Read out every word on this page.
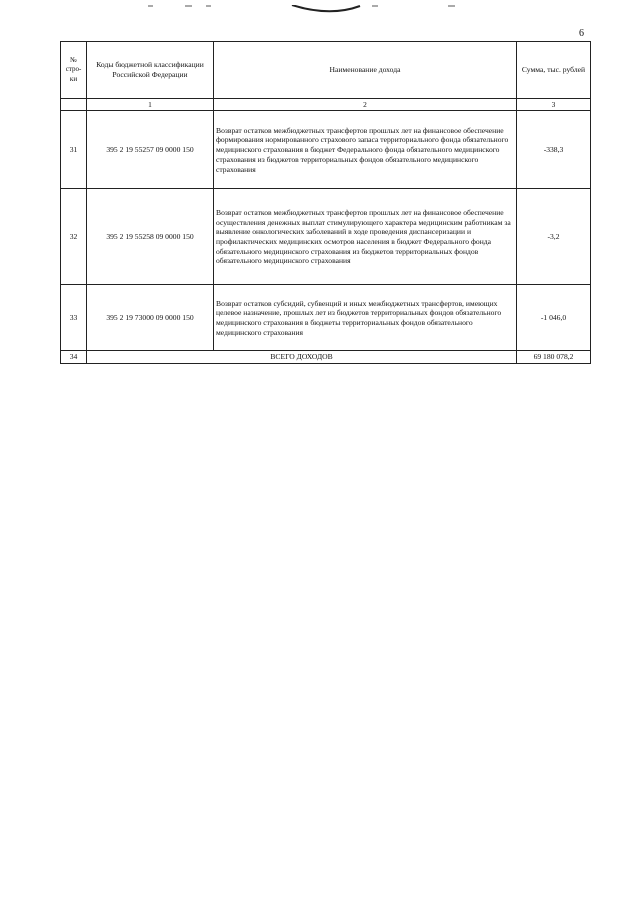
6
№ стро-ки	Коды бюджетной классификации Российской Федерации	Наименование дохода	Сумма, тыс. рублей
	1	2	3
31	395 2 19 55257 09 0000 150	Возврат остатков межбюджетных трансфертов прошлых лет на финансовое обеспечение формирования нормированного страхового запаса территориального фонда обязательного медицинского страхования в бюджет Федерального фонда обязательного медицинского страхования из бюджетов территориальных фондов обязательного медицинского страхования	-338,3
32	395 2 19 55258 09 0000 150	Возврат остатков межбюджетных трансфертов прошлых лет на финансовое обеспечение осуществления денежных выплат стимулирующего характера медицинским работникам за выявление онкологических заболеваний в ходе проведения диспансеризации и профилактических медицинских осмотров населения в бюджет Федерального фонда обязательного медицинского страхования из бюджетов территориальных фондов обязательного медицинского страхования	-3,2
33	395 2 19 73000 09 0000 150	Возврат остатков субсидий, субвенций и иных межбюджетных трансфертов, имеющих целевое назначение, прошлых лет из бюджетов территориальных фондов обязательного медицинского страхования в бюджеты территориальных фондов обязательного медицинского страхования	-1 046,0
34	ВСЕГО ДОХОДОВ		69 180 078,2
